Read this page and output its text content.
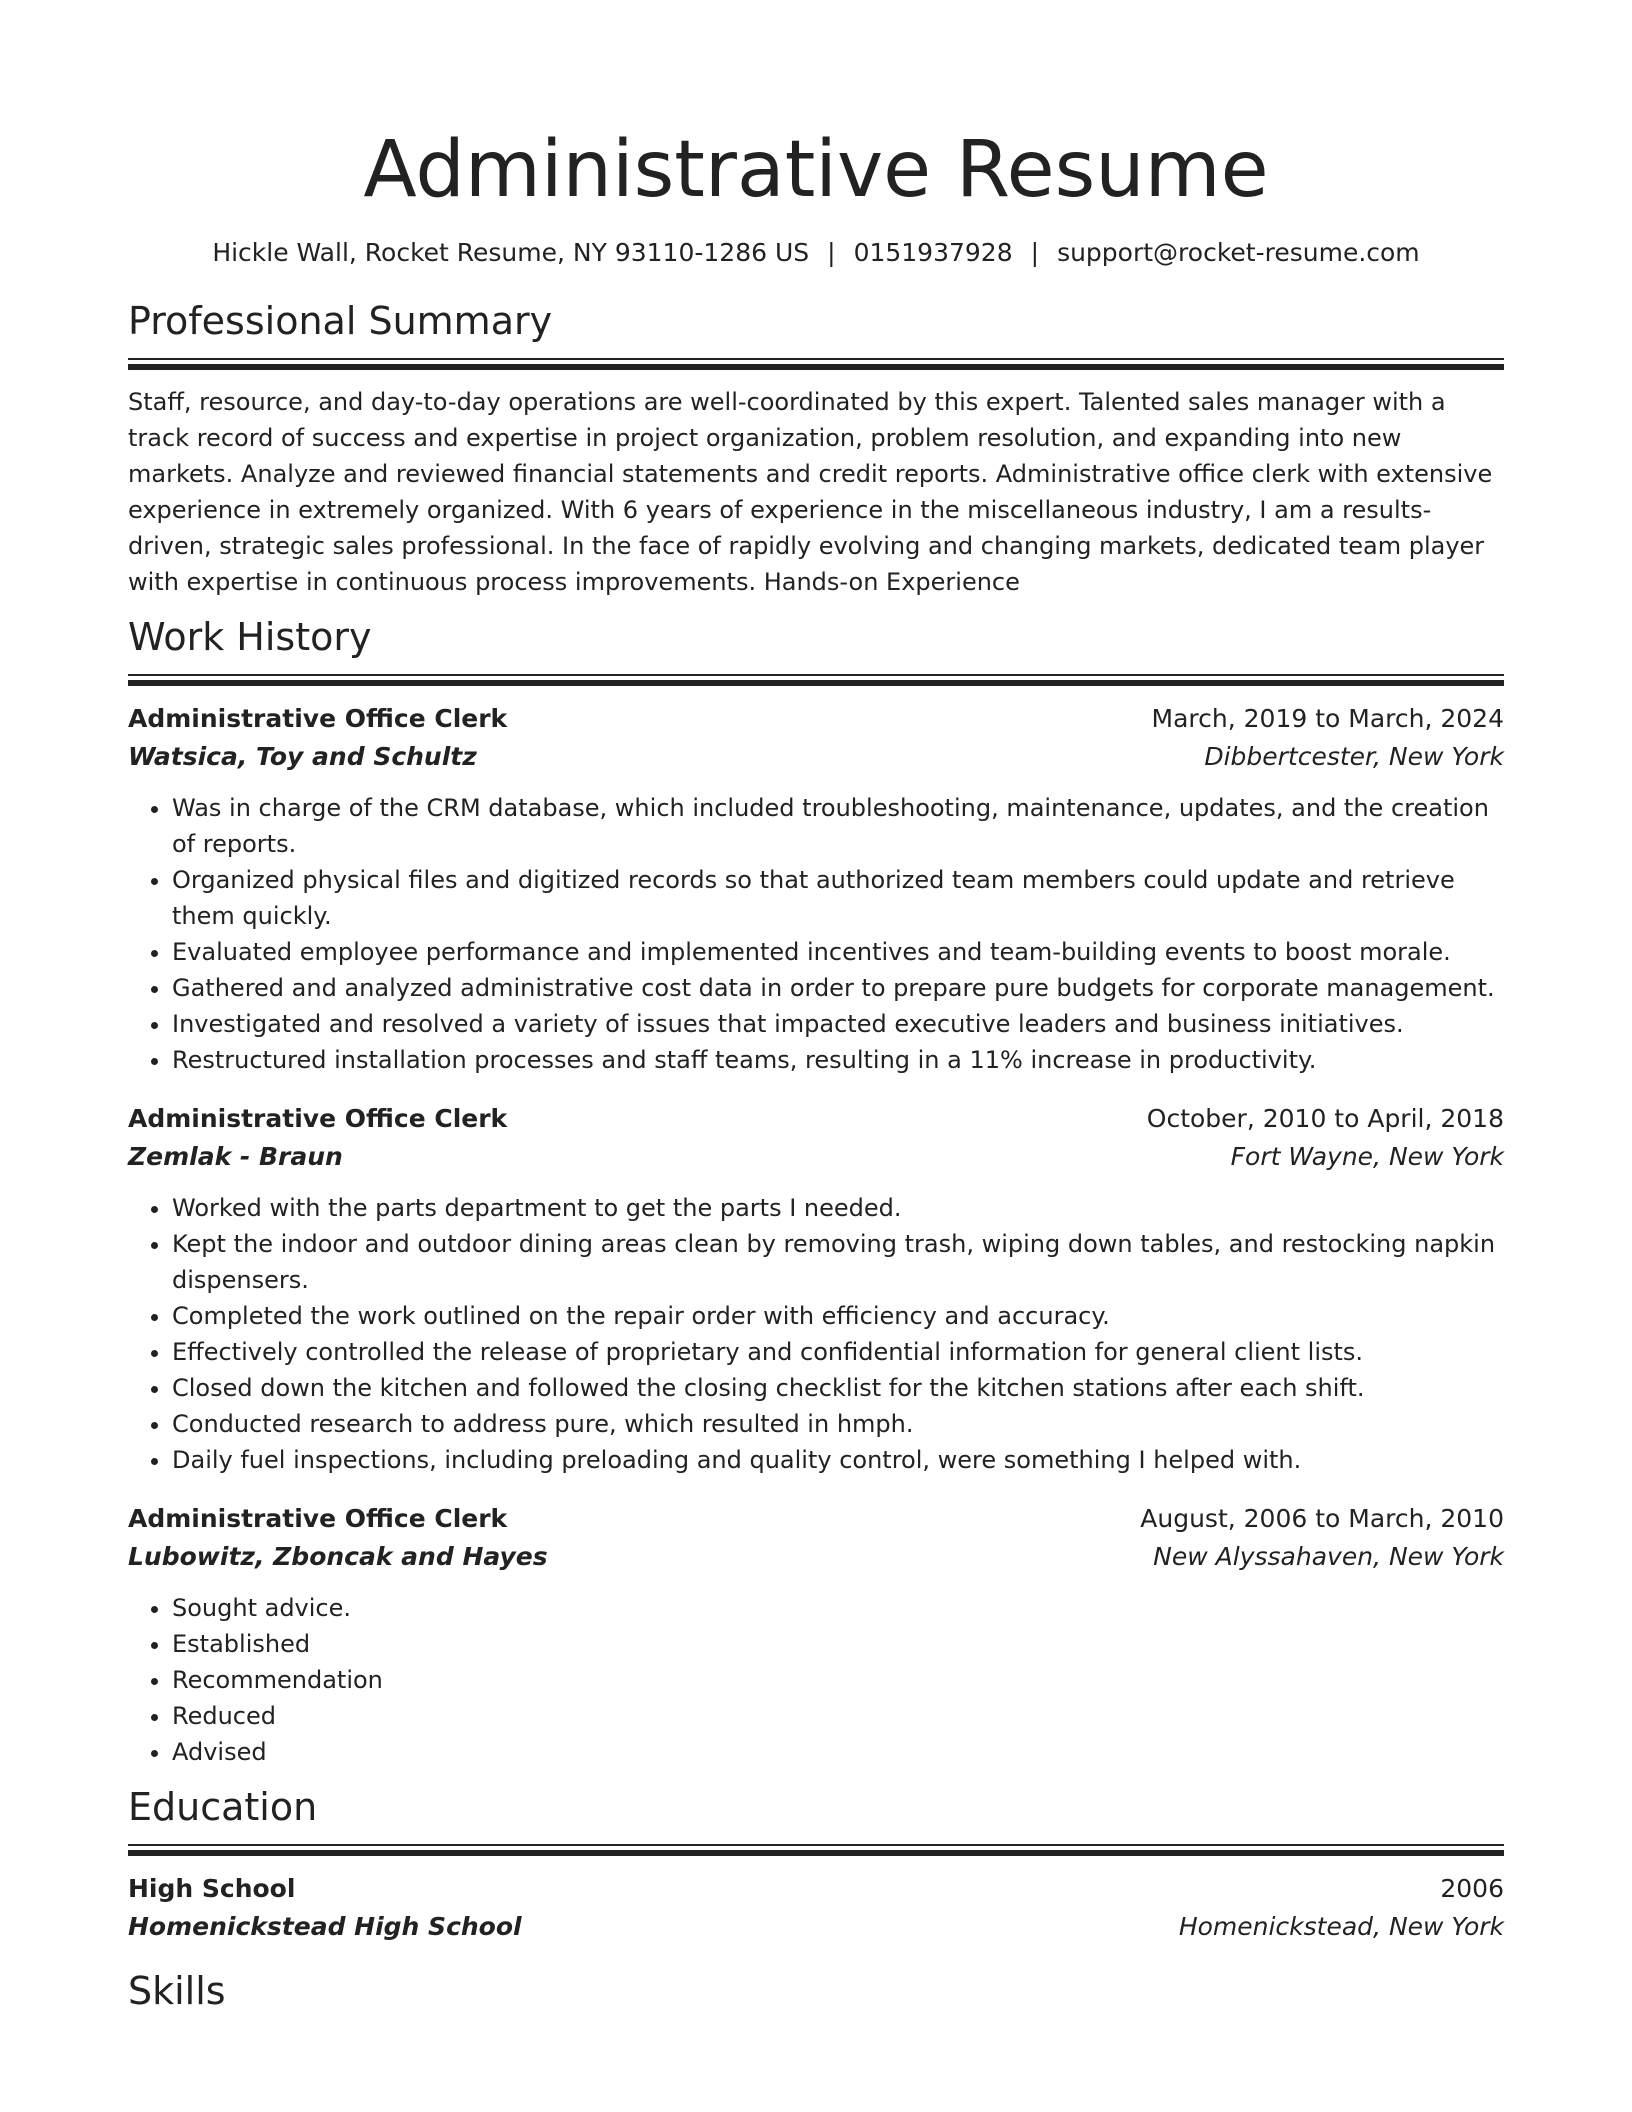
Administrative Resume
Hickle Wall, Rocket Resume, NY 93110-1286 US | 0151937928 | support@rocket-resume.com
Professional Summary

Staff, resource, and day-to-day operations are well-coordinated by this expert. Talented sales manager with a track record of success and expertise in project organization, problem resolution, and expanding into new markets. Analyze and reviewed financial statements and credit reports. Administrative office clerk with extensive experience in extremely organized. With 6 years of experience in the miscellaneous industry, I am a results-driven, strategic sales professional. In the face of rapidly evolving and changing markets, dedicated team player with expertise in continuous process improvements. Hands-on Experience

Work History
Administrative Office Clerk	March, 2019 to March, 2024
Watsica, Toy and Schultz	Dibbertcester, New York
• Was in charge of the CRM database, which included troubleshooting, maintenance, updates, and the creation of reports.
• Organized physical files and digitized records so that authorized team members could update and retrieve them quickly.
• Evaluated employee performance and implemented incentives and team-building events to boost morale.
• Gathered and analyzed administrative cost data in order to prepare pure budgets for corporate management.
• Investigated and resolved a variety of issues that impacted executive leaders and business initiatives.
• Restructured installation processes and staff teams, resulting in a 11% increase in productivity.
Administrative Office Clerk	October, 2010 to April, 2018
Zemlak - Braun	Fort Wayne, New York
• Worked with the parts department to get the parts I needed.
• Kept the indoor and outdoor dining areas clean by removing trash, wiping down tables, and restocking napkin dispensers.
• Completed the work outlined on the repair order with efficiency and accuracy.
• Effectively controlled the release of proprietary and confidential information for general client lists.
• Closed down the kitchen and followed the closing checklist for the kitchen stations after each shift.
• Conducted research to address pure, which resulted in hmph.
• Daily fuel inspections, including preloading and quality control, were something I helped with.
Administrative Office Clerk	August, 2006 to March, 2010
Lubowitz, Zboncak and Hayes	New Alyssahaven, New York
• Sought advice.
• Established
• Recommendation
• Reduced
• Advised
Education
High School	2006
Homenickstead High School	Homenickstead, New York
Skills
